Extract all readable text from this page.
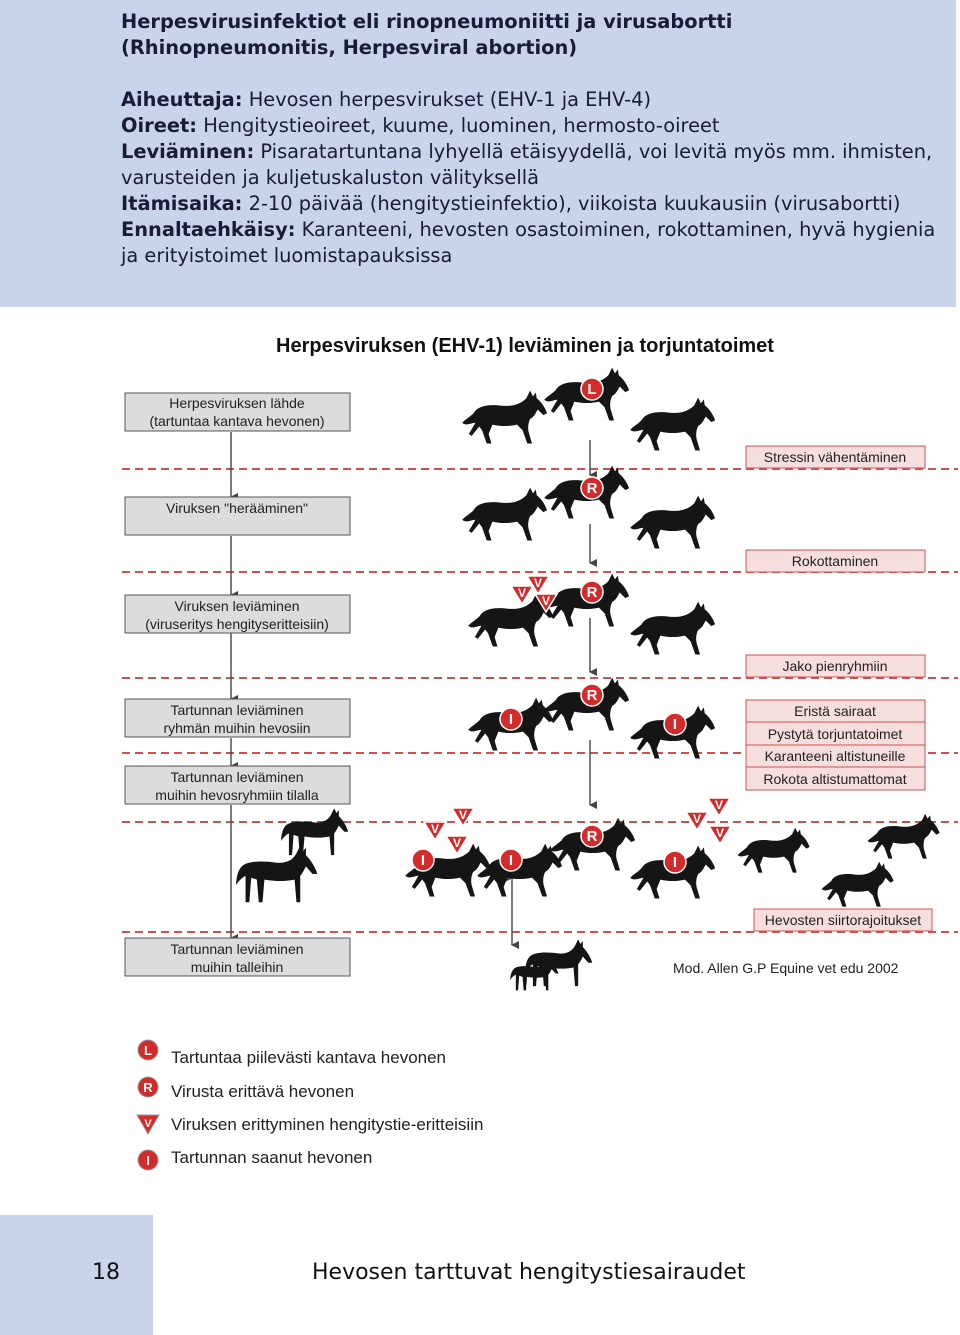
Herpesvirusinfektiot eli rinopneumoniitti ja virusabortti (Rhinopneumonitis, Herpesviral abortion)
Aiheuttaja: Hevosen herpesvirukset (EHV-1 ja EHV-4)
Oireet: Hengitystieoireet, kuume, luominen, hermosto-oireet
Leviäminen: Pisaratartuntana lyhyellä etäisyydellä, voi levitä myös mm. ihmisten, varusteiden ja kuljetuskaluston välityksellä
Itämisaika: 2-10 päivää (hengitystieinfektio), viikoista kuukausiin (virusabortti)
Ennaltaehkäisy: Karanteeni, hevosten osastoiminen, rokottaminen, hyvä hygienia ja erityistoimet luomistapauksissa
Herpesviruksen (EHV-1) leviäminen ja torjuntatoimet
Herpesviruksen lähde
(tartuntaa kantava hevonen)
Viruksen "herääminen"
Viruksen leviäminen
(viruseritys hengityseritteisiin)
Tartunnan leviäminen
ryhmän muihin hevosiin
Tartunnan leviäminen
muihin hevosryhmiin tilalla
Tartunnan leviäminen
muihin talleihin
Stressin vähentäminen
Rokottaminen
Jako pienryhmiin
Eristä sairaat
Pystytä torjuntatoimet
Karanteeni altistuneille
Rokota altistumattomat
Hevosten siirtorajoitukset
Mod. Allen G.P Equine vet edu 2002
L
R
R
V
V
V
R
I	I
V
V
V
I	I
R
I
V
V
V
L Tartuntaa piilevästi kantava hevonen
R Virusta erittävä hevonen
V Viruksen erittyminen hengitystie-eritteisiin
I Tartunnan saanut hevonen
18	Hevosen tarttuvat hengitystiesairaudet
